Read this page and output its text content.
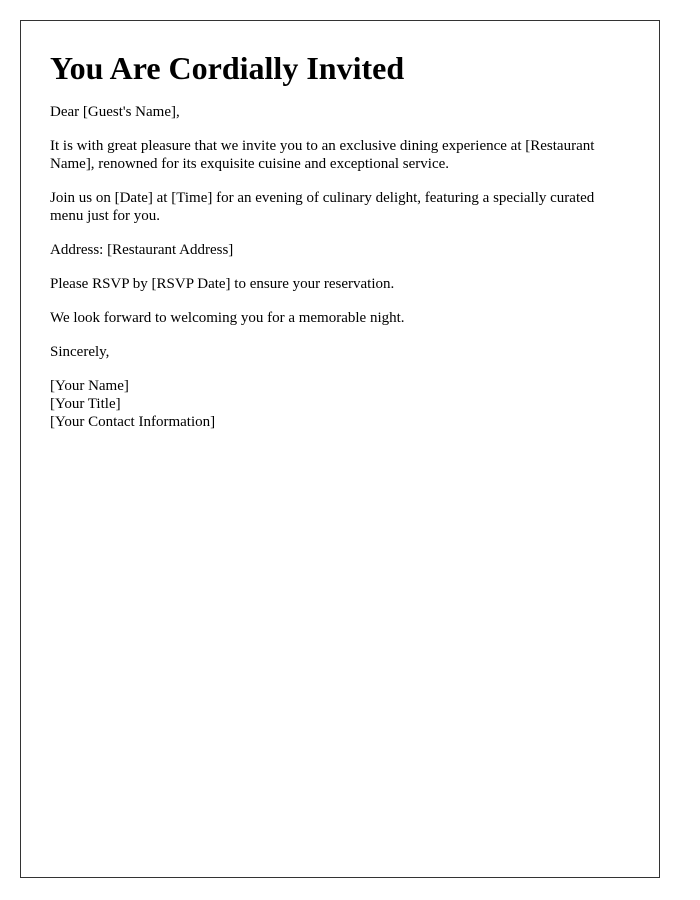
You Are Cordially Invited

Dear [Guest's Name],

It is with great pleasure that we invite you to an exclusive dining experience at [Restaurant Name], renowned for its exquisite cuisine and exceptional service.

Join us on [Date] at [Time] for an evening of culinary delight, featuring a specially curated menu just for you.

Address: [Restaurant Address]

Please RSVP by [RSVP Date] to ensure your reservation.

We look forward to welcoming you for a memorable night.

Sincerely,

[Your Name]
[Your Title]
[Your Contact Information]
